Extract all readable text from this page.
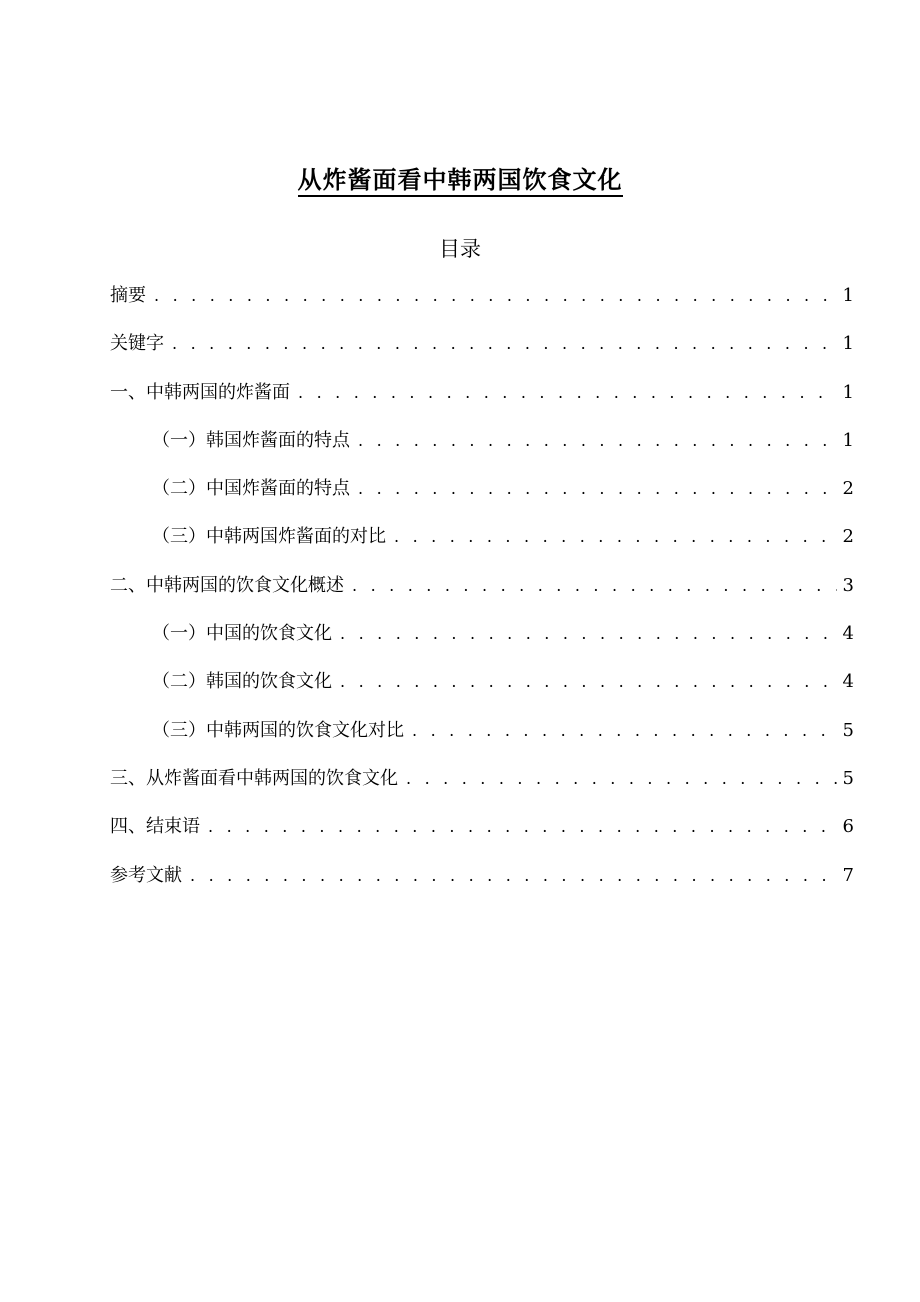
从炸酱面看中韩两国饮食文化
目录
摘要 . . .	1
关键字 . . .	1
一、中韩两国的炸酱面 . . .	1
（一）韩国炸酱面的特点 . . .	1
（二）中国炸酱面的特点 . . .	2
（三）中韩两国炸酱面的对比 . . .	2
二、中韩两国的饮食文化概述 . . .	3
（一）中国的饮食文化 . . .	4
（二）韩国的饮食文化 . . .	4
（三）中韩两国的饮食文化对比 . . .	5
三、从炸酱面看中韩两国的饮食文化 . . .	5
四、结束语 . . .	6
参考文献 . . .	7
